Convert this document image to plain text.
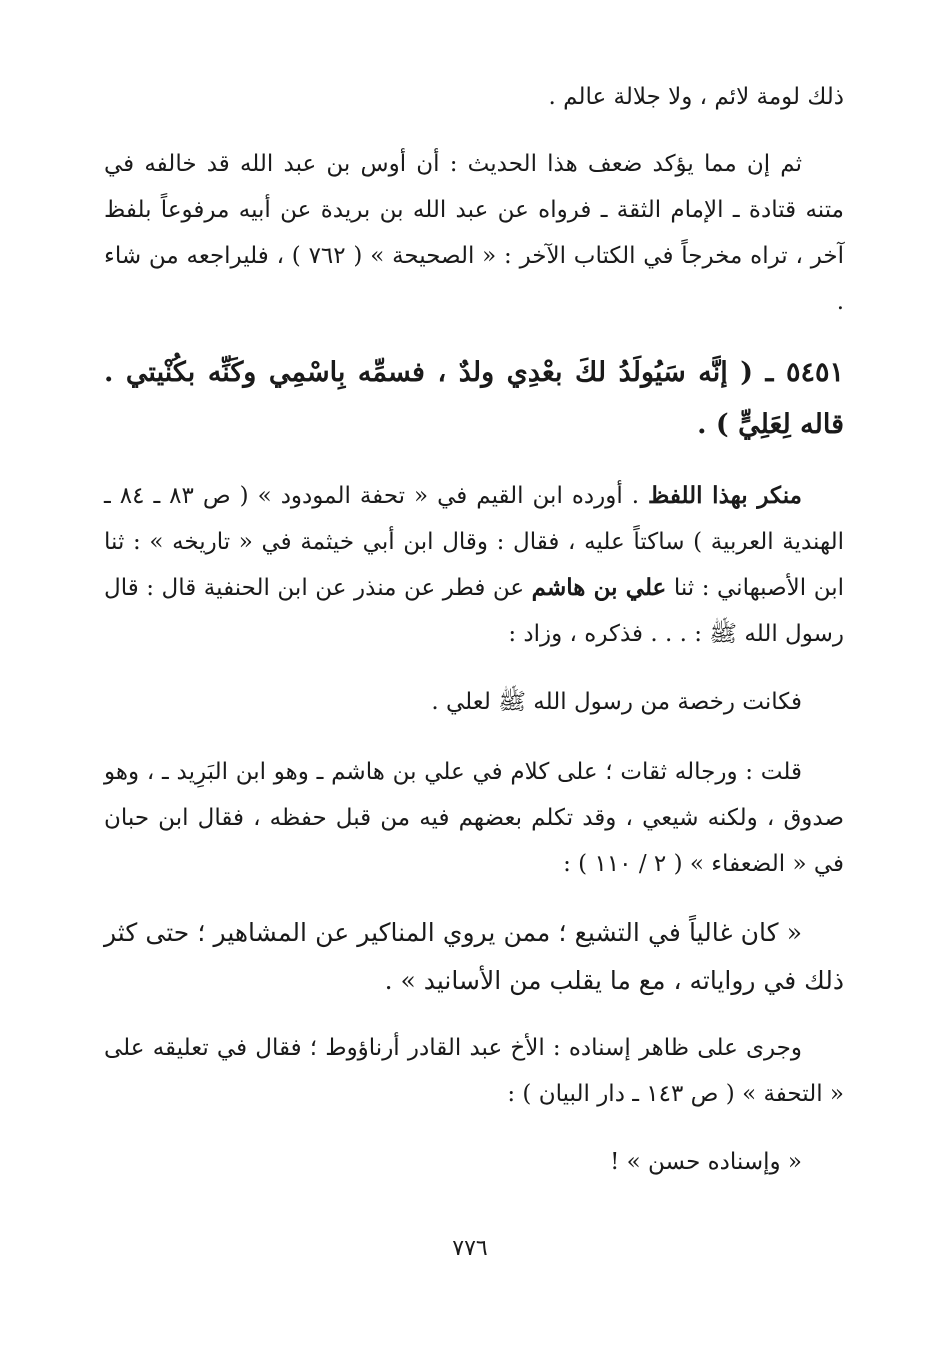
ذلك لومة لائم ، ولا جلالة عالم .

ثم إن مما يؤكد ضعف هذا الحديث : أن أوس بن عبد الله قد خالفه في متنه قتادة ـ الإمام الثقة ـ فرواه عن عبد الله بن بريدة عن أبيه مرفوعاً بلفظ آخر ، تراه مخرجاً في الكتاب الآخر : « الصحيحة » ( ٧٦٢ ) ، فليراجعه من شاء .

٥٤٥١ ـ ( إنَّه سَيُولَدُ لكَ بعْدِي ولدٌ ، فسمِّه بِاسْمِي وكَنِّه بكُنْيتي . قاله لِعَلِيٍّ ) .

منكر بهذا اللفظ . أورده ابن القيم في « تحفة المودود » ( ص ٨٣ ـ ٨٤ ـ الهندية العربية ) ساكتاً عليه ، فقال : وقال ابن أبي خيثمة في « تاريخه » : ثنا ابن الأصبهاني : ثنا علي بن هاشم عن فطر عن منذر عن ابن الحنفية قال : قال رسول الله ﷺ : . . . فذكره ، وزاد :

فكانت رخصة من رسول الله ﷺ لعلي .

قلت : ورجاله ثقات ؛ على كلام في علي بن هاشم ـ وهو ابن البَرِيد ـ ، وهو صدوق ، ولكنه شيعي ، وقد تكلم بعضهم فيه من قبل حفظه ، فقال ابن حبان في « الضعفاء » ( ٢ / ١١٠ ) :

« كان غالياً في التشيع ؛ ممن يروي المناكير عن المشاهير ؛ حتى كثر ذلك في رواياته ، مع ما يقلب من الأسانيد » .

وجرى على ظاهر إسناده : الأخ عبد القادر أرناؤوط ؛ فقال في تعليقه على « التحفة » ( ص ١٤٣ ـ دار البيان ) :

« وإسناده حسن » !

٧٧٦
